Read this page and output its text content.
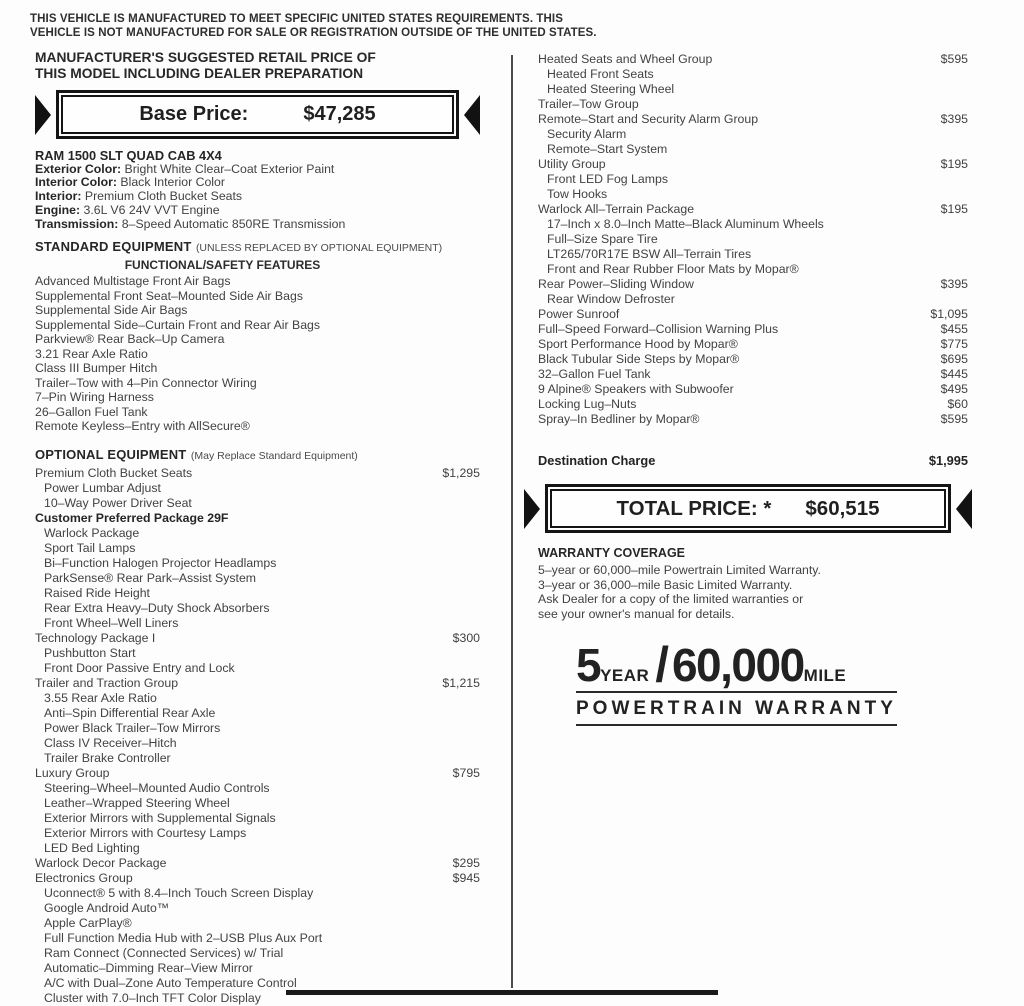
THIS VEHICLE IS MANUFACTURED TO MEET SPECIFIC UNITED STATES REQUIREMENTS. THIS
VEHICLE IS NOT MANUFACTURED FOR SALE OR REGISTRATION OUTSIDE OF THE UNITED STATES.
MANUFACTURER'S SUGGESTED RETAIL PRICE OF
THIS MODEL INCLUDING DEALER PREPARATION
Base Price:	$47,285
RAM 1500 SLT QUAD CAB 4X4
Exterior Color: Bright White Clear–Coat Exterior Paint
Interior Color: Black Interior Color
Interior: Premium Cloth Bucket Seats
Engine: 3.6L V6 24V VVT Engine
Transmission: 8–Speed Automatic 850RE Transmission
STANDARD EQUIPMENT (UNLESS REPLACED BY OPTIONAL EQUIPMENT)
FUNCTIONAL/SAFETY FEATURES
Advanced Multistage Front Air Bags
Supplemental Front Seat–Mounted Side Air Bags
Supplemental Side Air Bags
Supplemental Side–Curtain Front and Rear Air Bags
Parkview® Rear Back–Up Camera
3.21 Rear Axle Ratio
Class III Bumper Hitch
Trailer–Tow with 4–Pin Connector Wiring
7–Pin Wiring Harness
26–Gallon Fuel Tank
Remote Keyless–Entry with AllSecure®
OPTIONAL EQUIPMENT (May Replace Standard Equipment)
Premium Cloth Bucket Seats	$1,295
Power Lumbar Adjust
10–Way Power Driver Seat
Customer Preferred Package 29F
Warlock Package
Sport Tail Lamps
Bi–Function Halogen Projector Headlamps
ParkSense® Rear Park–Assist System
Raised Ride Height
Rear Extra Heavy–Duty Shock Absorbers
Front Wheel–Well Liners
Technology Package I	$300
Pushbutton Start
Front Door Passive Entry and Lock
Trailer and Traction Group	$1,215
3.55 Rear Axle Ratio
Anti–Spin Differential Rear Axle
Power Black Trailer–Tow Mirrors
Class IV Receiver–Hitch
Trailer Brake Controller
Luxury Group	$795
Steering–Wheel–Mounted Audio Controls
Leather–Wrapped Steering Wheel
Exterior Mirrors with Supplemental Signals
Exterior Mirrors with Courtesy Lamps
LED Bed Lighting
Warlock Decor Package	$295
Electronics Group	$945
Uconnect® 5 with 8.4–Inch Touch Screen Display
Google Android Auto™
Apple CarPlay®
Full Function Media Hub with 2–USB Plus Aux Port
Ram Connect (Connected Services) w/ Trial
Automatic–Dimming Rear–View Mirror
A/C with Dual–Zone Auto Temperature Control
Cluster with 7.0–Inch TFT Color Display
Heated Seats and Wheel Group	$595
Heated Front Seats
Heated Steering Wheel
Trailer–Tow Group
Remote–Start and Security Alarm Group	$395
Security Alarm
Remote–Start System
Utility Group	$195
Front LED Fog Lamps
Tow Hooks
Warlock All–Terrain Package	$195
17–Inch x 8.0–Inch Matte–Black Aluminum Wheels
Full–Size Spare Tire
LT265/70R17E BSW All–Terrain Tires
Front and Rear Rubber Floor Mats by Mopar®
Rear Power–Sliding Window	$395
Rear Window Defroster
Power Sunroof	$1,095
Full–Speed Forward–Collision Warning Plus	$455
Sport Performance Hood by Mopar®	$775
Black Tubular Side Steps by Mopar®	$695
32–Gallon Fuel Tank	$445
9 Alpine® Speakers with Subwoofer	$495
Locking Lug–Nuts	$60
Spray–In Bedliner by Mopar®	$595
Destination Charge	$1,995
TOTAL PRICE: * $60,515
WARRANTY COVERAGE
5–year or 60,000–mile Powertrain Limited Warranty.
3–year or 36,000–mile Basic Limited Warranty.
Ask Dealer for a copy of the limited warranties or
see your owner's manual for details.
5 YEAR / 60,000 MILE
POWERTRAIN WARRANTY
